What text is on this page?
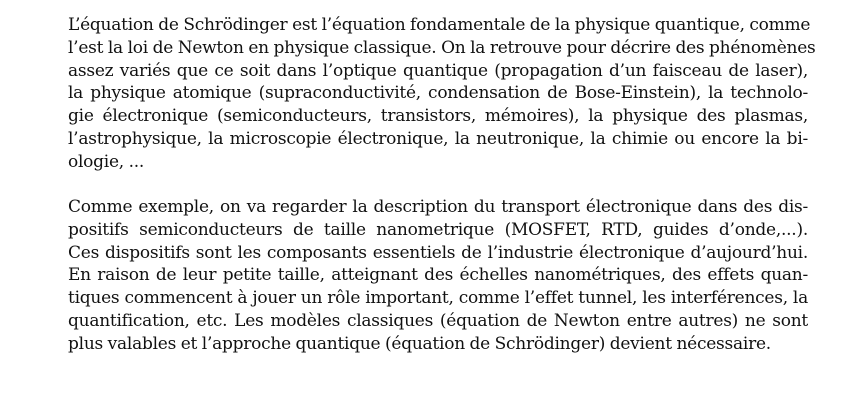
L’équation de Schrödinger est l’équation fondamentale de la physique quantique, comme
l’est la loi de Newton en physique classique. On la retrouve pour décrire des phénomènes
assez variés que ce soit dans l’optique quantique (propagation d’un faisceau de laser),
la physique atomique (supraconductivité, condensation de Bose-Einstein), la technolo-
gie électronique (semiconducteurs, transistors, mémoires), la physique des plasmas,
l’astrophysique, la microscopie électronique, la neutronique, la chimie ou encore la bi-
ologie, ...

Comme exemple, on va regarder la description du transport électronique dans des dis-
positifs semiconducteurs de taille nanometrique (MOSFET, RTD, guides d’onde,...).
Ces dispositifs sont les composants essentiels de l’industrie électronique d’aujourd’hui.
En raison de leur petite taille, atteignant des échelles nanométriques, des effets quan-
tiques commencent à jouer un rôle important, comme l’effet tunnel, les interférences, la
quantification, etc. Les modèles classiques (équation de Newton entre autres) ne sont
plus valables et l’approche quantique (équation de Schrödinger) devient nécessaire.
